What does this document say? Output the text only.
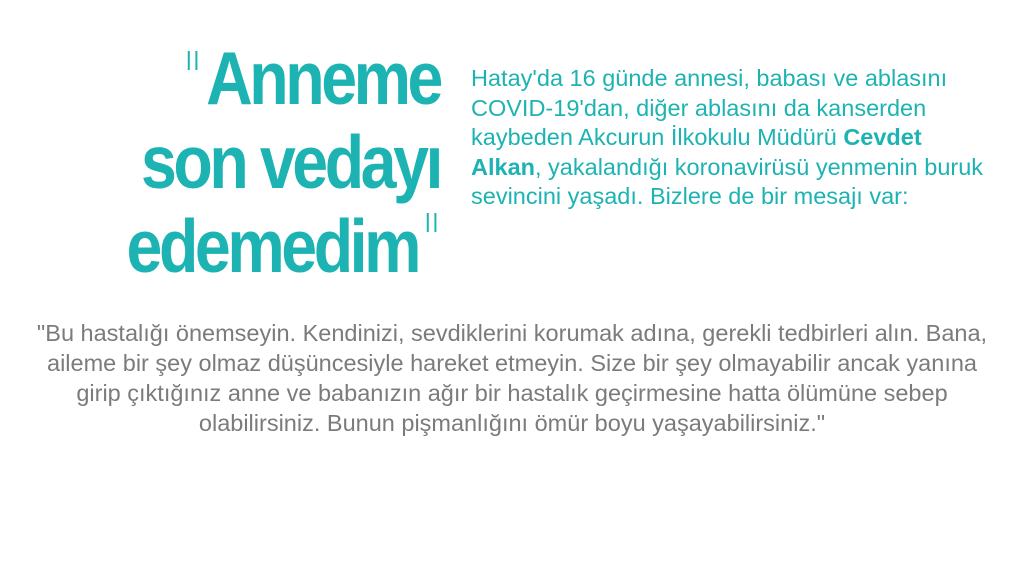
ǀǀAnneme
son vedayı
edemedim ǀǀ
Hatay'da 16 günde annesi, babası ve ablasını COVID-19'dan, diğer ablasını da kanserden kaybeden Akcurun İlkokulu Müdürü Cevdet Alkan, yakalandığı koronavirüsü yenmenin buruk sevincini yaşadı. Bizlere de bir mesajı var:
"Bu hastalığı önemseyin. Kendinizi, sevdiklerini korumak adına, gerekli tedbirleri alın. Bana, aileme bir şey olmaz düşüncesiyle hareket etmeyin. Size bir şey olmayabilir ancak yanına girip çıktığınız anne ve babanızın ağır bir hastalık geçirmesine hatta ölümüne sebep olabilirsiniz. Bunun pişmanlığını ömür boyu yaşayabilirsiniz."
